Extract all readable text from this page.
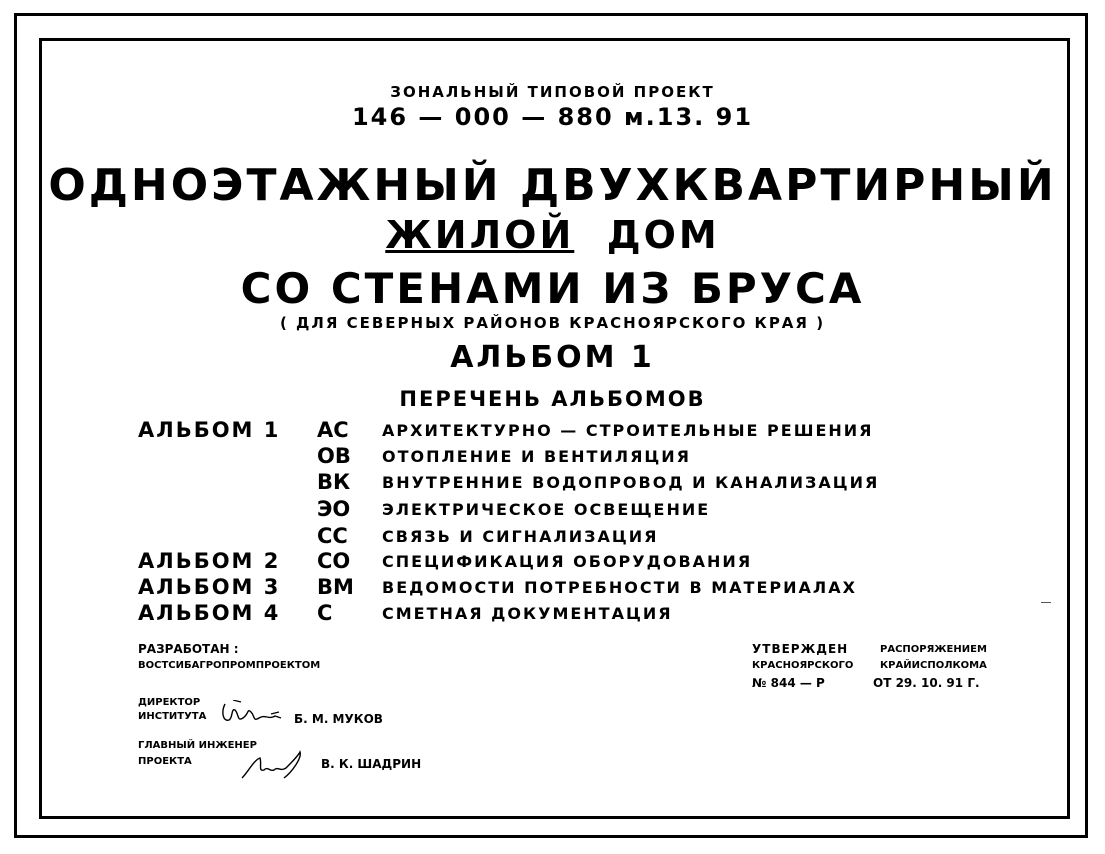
ЗОНАЛЬНЫЙ ТИПОВОЙ ПРОЕКТ
146 — 000 — 880 м.13. 91
ОДНОЭТАЖНЫЙ ДВУХКВАРТИРНЫЙ
ЖИЛОЙ ДОМ
СО СТЕНАМИ ИЗ БРУСА
( ДЛЯ СЕВЕРНЫХ РАЙОНОВ КРАСНОЯРСКОГО КРАЯ )
АЛЬБОМ 1
ПЕРЕЧЕНЬ АЛЬБОМОВ
АЛЬБОМ 1 АС АРХИТЕКТУРНО — СТРОИТЕЛЬНЫЕ РЕШЕНИЯ
ОВ ОТОПЛЕНИЕ И ВЕНТИЛЯЦИЯ
ВК ВНУТРЕННИЕ ВОДОПРОВОД И КАНАЛИЗАЦИЯ
ЭО ЭЛЕКТРИЧЕСКОЕ ОСВЕЩЕНИЕ
СС СВЯЗЬ И СИГНАЛИЗАЦИЯ
АЛЬБОМ 2 СО СПЕЦИФИКАЦИЯ ОБОРУДОВАНИЯ
АЛЬБОМ 3 ВМ ВЕДОМОСТИ ПОТРЕБНОСТИ В МАТЕРИАЛАХ
АЛЬБОМ 4 С	СМЕТНАЯ ДОКУМЕНТАЦИЯ
РАЗРАБОТАН :
ВОСТСИБАГРОПРОМПРОЕКТОМ
УТВЕРЖДЕН	РАСПОРЯЖЕНИЕМ
КРАСНОЯРСКОГО	КРАЙИСПОЛКОМА
№ 844 — Р	ОТ 29. 10. 91 Г.
ДИРЕКТОР
ИНСТИТУТА	Б. М. МУКОВ
ГЛАВНЫЙ ИНЖЕНЕР
ПРОЕКТА	В. К. ШАДРИН
